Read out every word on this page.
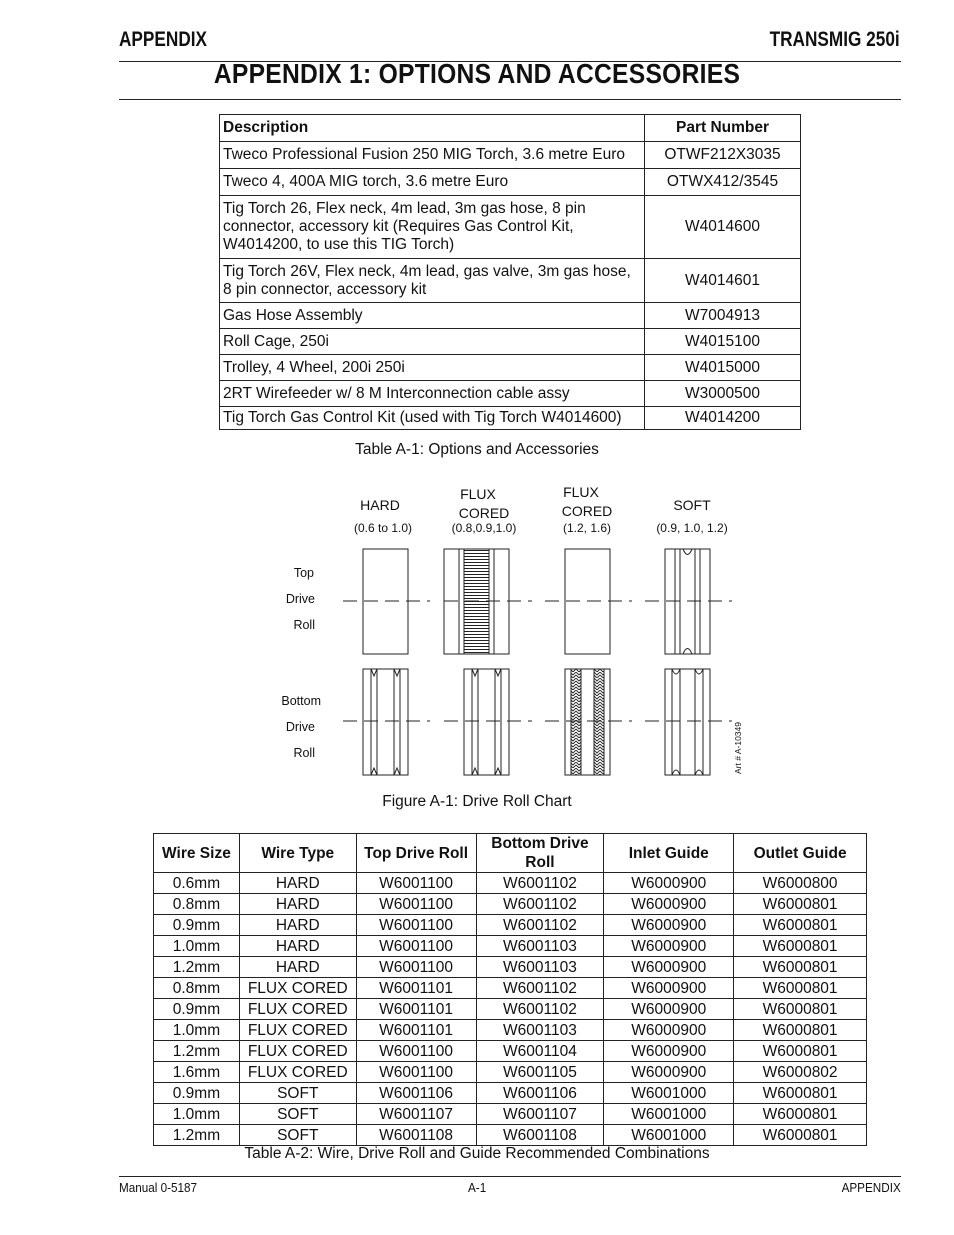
APPENDIX	TRANSMIG 250i
APPENDIX 1: OPTIONS AND ACCESSORIES
Description	Part Number
Tweco Professional Fusion 250 MIG Torch, 3.6 metre Euro	OTWF212X3035
Tweco 4, 400A MIG torch, 3.6 metre Euro	OTWX412/3545
Tig Torch 26, Flex neck, 4m lead, 3m gas hose, 8 pin connector, accessory kit (Requires Gas Control Kit, W4014200, to use this TIG Torch)	W4014600
Tig Torch 26V, Flex neck, 4m lead, gas valve, 3m gas hose, 8 pin connector, accessory kit	W4014601
Gas Hose Assembly	W7004913
Roll Cage, 250i	W4015100
Trolley, 4 Wheel, 200i 250i	W4015000
2RT Wirefeeder w/ 8 M Interconnection cable assy	W3000500
Tig Torch Gas Control Kit (used with Tig Torch W4014600)	W4014200
Table A-1: Options and Accessories
HARD
(0.6 to 1.0)
FLUX
CORED
(0.8,0.9,1.0)
FLUX
CORED
(1.2, 1.6)
SOFT
(0.9, 1.0, 1.2)
Top
Drive
Roll
Bottom
Drive
Roll	Art # A-10349
Figure A-1: Drive Roll Chart
Wire Size	Wire Type	Top Drive Roll	Bottom Drive Roll	Inlet Guide	Outlet Guide
0.6mm	HARD	W6001100	W6001102	W6000900	W6000800
0.8mm	HARD	W6001100	W6001102	W6000900	W6000801
0.9mm	HARD	W6001100	W6001102	W6000900	W6000801
1.0mm	HARD	W6001100	W6001103	W6000900	W6000801
1.2mm	HARD	W6001100	W6001103	W6000900	W6000801
0.8mm	FLUX CORED	W6001101	W6001102	W6000900	W6000801
0.9mm	FLUX CORED	W6001101	W6001102	W6000900	W6000801
1.0mm	FLUX CORED	W6001101	W6001103	W6000900	W6000801
1.2mm	FLUX CORED	W6001100	W6001104	W6000900	W6000801
1.6mm	FLUX CORED	W6001100	W6001105	W6000900	W6000802
0.9mm	SOFT	W6001106	W6001106	W6001000	W6000801
1.0mm	SOFT	W6001107	W6001107	W6001000	W6000801
1.2mm	SOFT	W6001108	W6001108	W6001000	W6000801
Table A-2: Wire, Drive Roll and Guide Recommended Combinations
Manual 0-5187	A-1	APPENDIX
